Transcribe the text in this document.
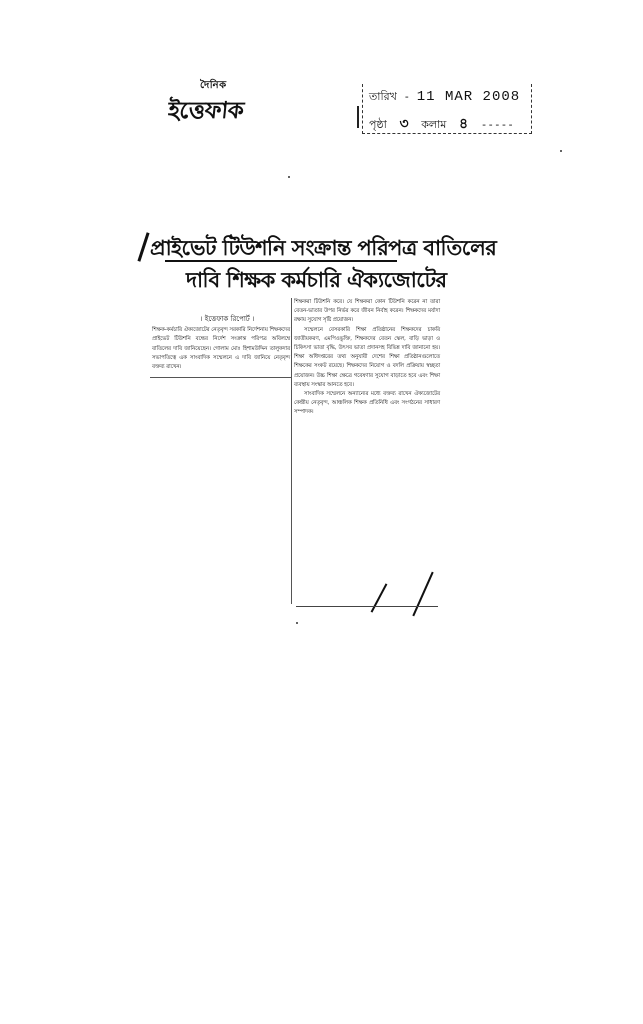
দৈনিক
ইত্তেফাক
তারিখ - 11 MAR 2008
পৃষ্ঠা ৩ কলাম ৪ -----
প্রাইভেট টিউশনি সংক্রান্ত পরিপত্র বাতিলের
দাবি শিক্ষক কর্মচারি ঐক্যজোটের
। ইত্তেফাক রিপোর্ট ।

শিক্ষক-কর্মচারি ঐক্যজোটের নেতৃবৃন্দ সরকারি নির্দেশনায় শিক্ষকদের প্রাইভেট টিউশনি বন্ধের নির্দেশ সংক্রান্ত পরিপত্র অবিলম্বে বাতিলের দাবি জানিয়েছেন। গোলাম মোঃ হিশামউদ্দিন তালুকদার সভাপতিত্বে এক সাংবাদিক সম্মেলনে এ দাবি জানিয়ে নেতৃবৃন্দ বক্তব্য রাখেন।

শিক্ষকরা টিউশনি করে। যে শিক্ষকরা কোন টিউশনি করেন না তারা বেতন-ভাতার উপর নির্ভর করে জীবন নির্বাহ করেন। শিক্ষকদের মর্যাদা রক্ষায় সুযোগ সৃষ্টি প্রয়োজন।

সম্মেলনে বেসরকারি শিক্ষা প্রতিষ্ঠানের শিক্ষকদের চাকরি জাতীয়করণ, এমপিওভুক্তি, শিক্ষকদের বেতন স্কেল, বাড়ি ভাড়া ও চিকিৎসা ভাতা বৃদ্ধি, উৎসব ভাতা প্রদানসহ বিভিন্ন দাবি জানানো হয়। শিক্ষা অধিদপ্তরের তথ্য অনুযায়ী দেশের শিক্ষা প্রতিষ্ঠানগুলোতে শিক্ষকের সংকট রয়েছে। শিক্ষকদের নিয়োগ ও বদলি প্রক্রিয়ায় স্বচ্ছতা প্রয়োজন। উচ্চ শিক্ষা ক্ষেত্রে গবেষণার সুযোগ বাড়াতে হবে এবং শিক্ষা ব্যবস্থায় সংস্কার আনতে হবে।

সাংবাদিক সম্মেলনে অন্যান্যের মধ্যে বক্তব্য রাখেন ঐক্যজোটের কেন্দ্রীয় নেতৃবৃন্দ, আঞ্চলিক শিক্ষক প্রতিনিধি এবং সংগঠনের সাধারণ সম্পাদক।
